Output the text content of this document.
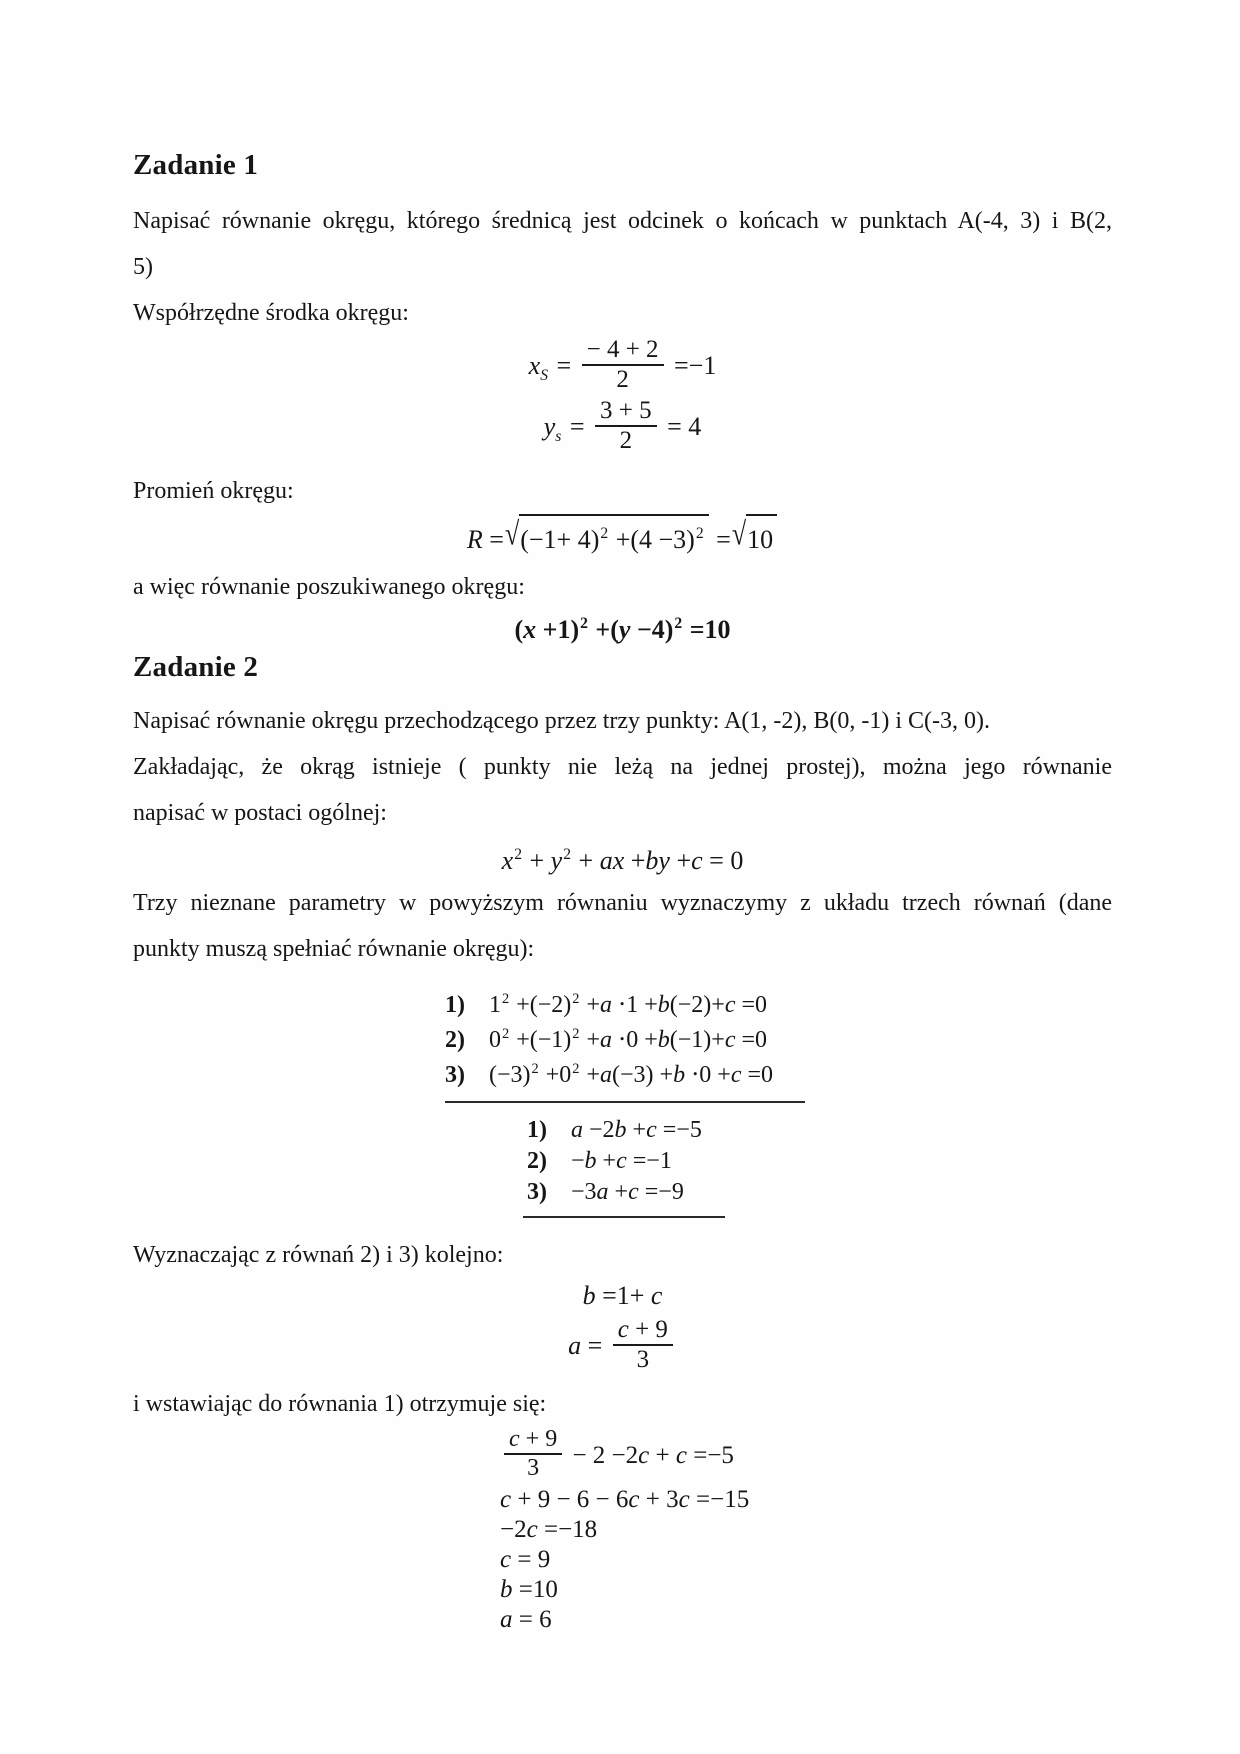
Zadanie 1
Napisać równanie okręgu, którego średnicą jest odcinek o końcach w punktach A(-4, 3) i B(2,
5)
Współrzędne środka okręgu:
$x_S = \frac{- 4 + 2}{2} =-1$
$y_s = \frac{3 + 5}{2} = 4$
Promień okręgu:
R = √ $(-1+ 4)^2 +(4 -3)^2$ = √ 10
a więc równanie poszukiwanego okręgu:
$(x +1)^2 +(y -4)^2 =10$
Zadanie 2
Napisać równanie okręgu przechodzącego przez trzy punkty: A(1, -2), B(0, -1) i C(-3, 0).
Zakładając, że okrąg istnieje ( punkty nie leżą na jednej prostej), można jego równanie
napisać w postaci ogólnej:
$x^2 + y^2$ + ax +by +c = 0
Trzy nieznane parametry w powyższym równaniu wyznaczymy z układu trzech równań (dane
punkty muszą spełniać równanie okręgu):
1) $1^2 +(-2)^2 +a \cdot 1 +b(-2)+c =0$
2) $0^2 +(-1)^2 +a \cdot 0 +b(-1)+c =0$
3) $(-3)^2 +0^2 +a(-3) +b \cdot 0 +c =0$
1) a −2b +c =−5
2) −b +c =−1
3) −3a +c =−9
Wyznaczając z równań 2) i 3) kolejno:
b =1+ c
$a = \frac{c + 9}{3}$
i wstawiając do równania 1) otrzymuje się:
$\frac{c + 9}{3} - 2 -2c + c =-5$
c + 9 − 6 − 6c + 3c =−15
−2c =−18
c = 9
b =10
a = 6
